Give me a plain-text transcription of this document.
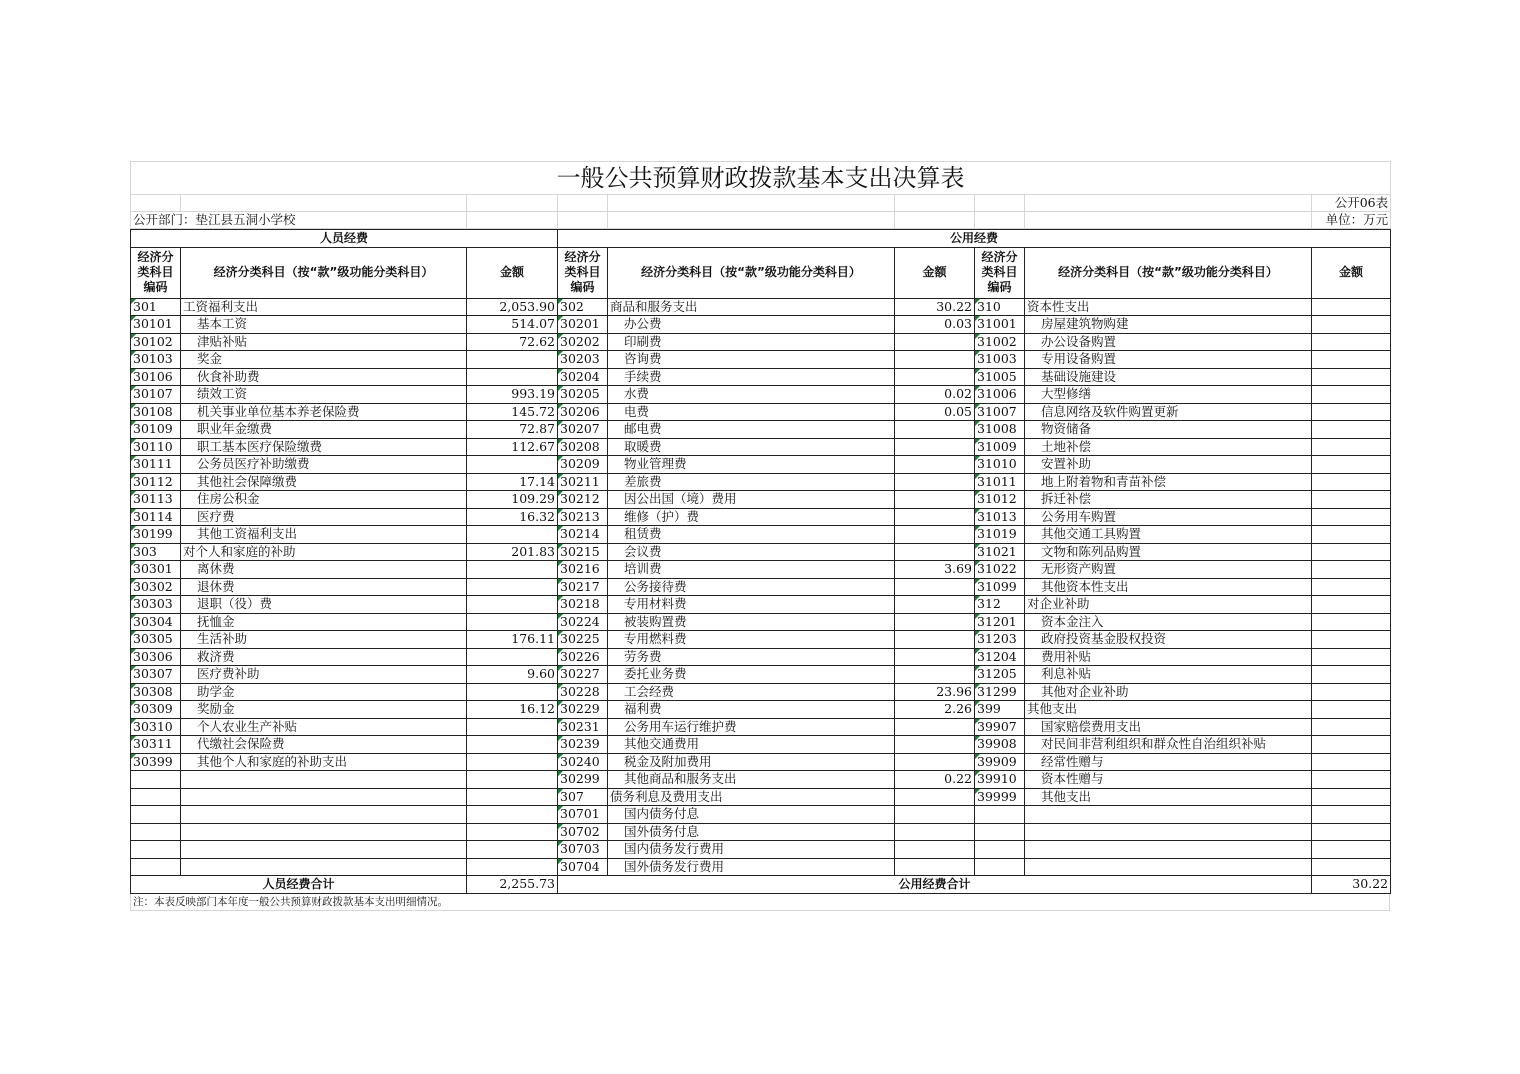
一般公共预算财政拨款基本支出决算表								
								公开06表
公开部门：垫江县五洞小学校								单位：万元
人员经费			公用经费					
经济分类科目编码	经济分类科目（按“款”级功能分类科目）	金额	经济分类科目编码	经济分类科目（按“款”级功能分类科目）	金额	经济分类科目编码	经济分类科目（按“款”级功能分类科目）	金额
301	工资福利支出	2,053.90	302	商品和服务支出	30.22	310	资本性支出	
30101	基本工资	514.07	30201	办公费	0.03	31001	房屋建筑物购建	
30102	津贴补贴	72.62	30202	印刷费		31002	办公设备购置	
30103	奖金		30203	咨询费		31003	专用设备购置	
30106	伙食补助费		30204	手续费		31005	基础设施建设	
30107	绩效工资	993.19	30205	水费	0.02	31006	大型修缮	
30108	机关事业单位基本养老保险费	145.72	30206	电费	0.05	31007	信息网络及软件购置更新	
30109	职业年金缴费	72.87	30207	邮电费		31008	物资储备	
30110	职工基本医疗保险缴费	112.67	30208	取暖费		31009	土地补偿	
30111	公务员医疗补助缴费		30209	物业管理费		31010	安置补助	
30112	其他社会保障缴费	17.14	30211	差旅费		31011	地上附着物和青苗补偿	
30113	住房公积金	109.29	30212	因公出国（境）费用		31012	拆迁补偿	
30114	医疗费	16.32	30213	维修（护）费		31013	公务用车购置	
30199	其他工资福利支出		30214	租赁费		31019	其他交通工具购置	
303	对个人和家庭的补助	201.83	30215	会议费		31021	文物和陈列品购置	
30301	离休费		30216	培训费	3.69	31022	无形资产购置	
30302	退休费		30217	公务接待费		31099	其他资本性支出	
30303	退职（役）费		30218	专用材料费		312	对企业补助	
30304	抚恤金		30224	被装购置费		31201	资本金注入	
30305	生活补助	176.11	30225	专用燃料费		31203	政府投资基金股权投资	
30306	救济费		30226	劳务费		31204	费用补贴	
30307	医疗费补助	9.60	30227	委托业务费		31205	利息补贴	
30308	助学金		30228	工会经费	23.96	31299	其他对企业补助	
30309	奖励金	16.12	30229	福利费	2.26	399	其他支出	
30310	个人农业生产补贴		30231	公务用车运行维护费		39907	国家赔偿费用支出	
30311	代缴社会保险费		30239	其他交通费用		39908	对民间非营利组织和群众性自治组织补贴	
30399	其他个人和家庭的补助支出		30240	税金及附加费用		39909	经常性赠与	
			30299	其他商品和服务支出	0.22	39910	资本性赠与	
			307	债务利息及费用支出		39999	其他支出	
			30701	国内债务付息				
			30702	国外债务付息				
			30703	国内债务发行费用				
			30704	国外债务发行费用				
人员经费合计		2,255.73	公用经费合计					30.22
注：本表反映部门本年度一般公共预算财政拨款基本支出明细情况。
